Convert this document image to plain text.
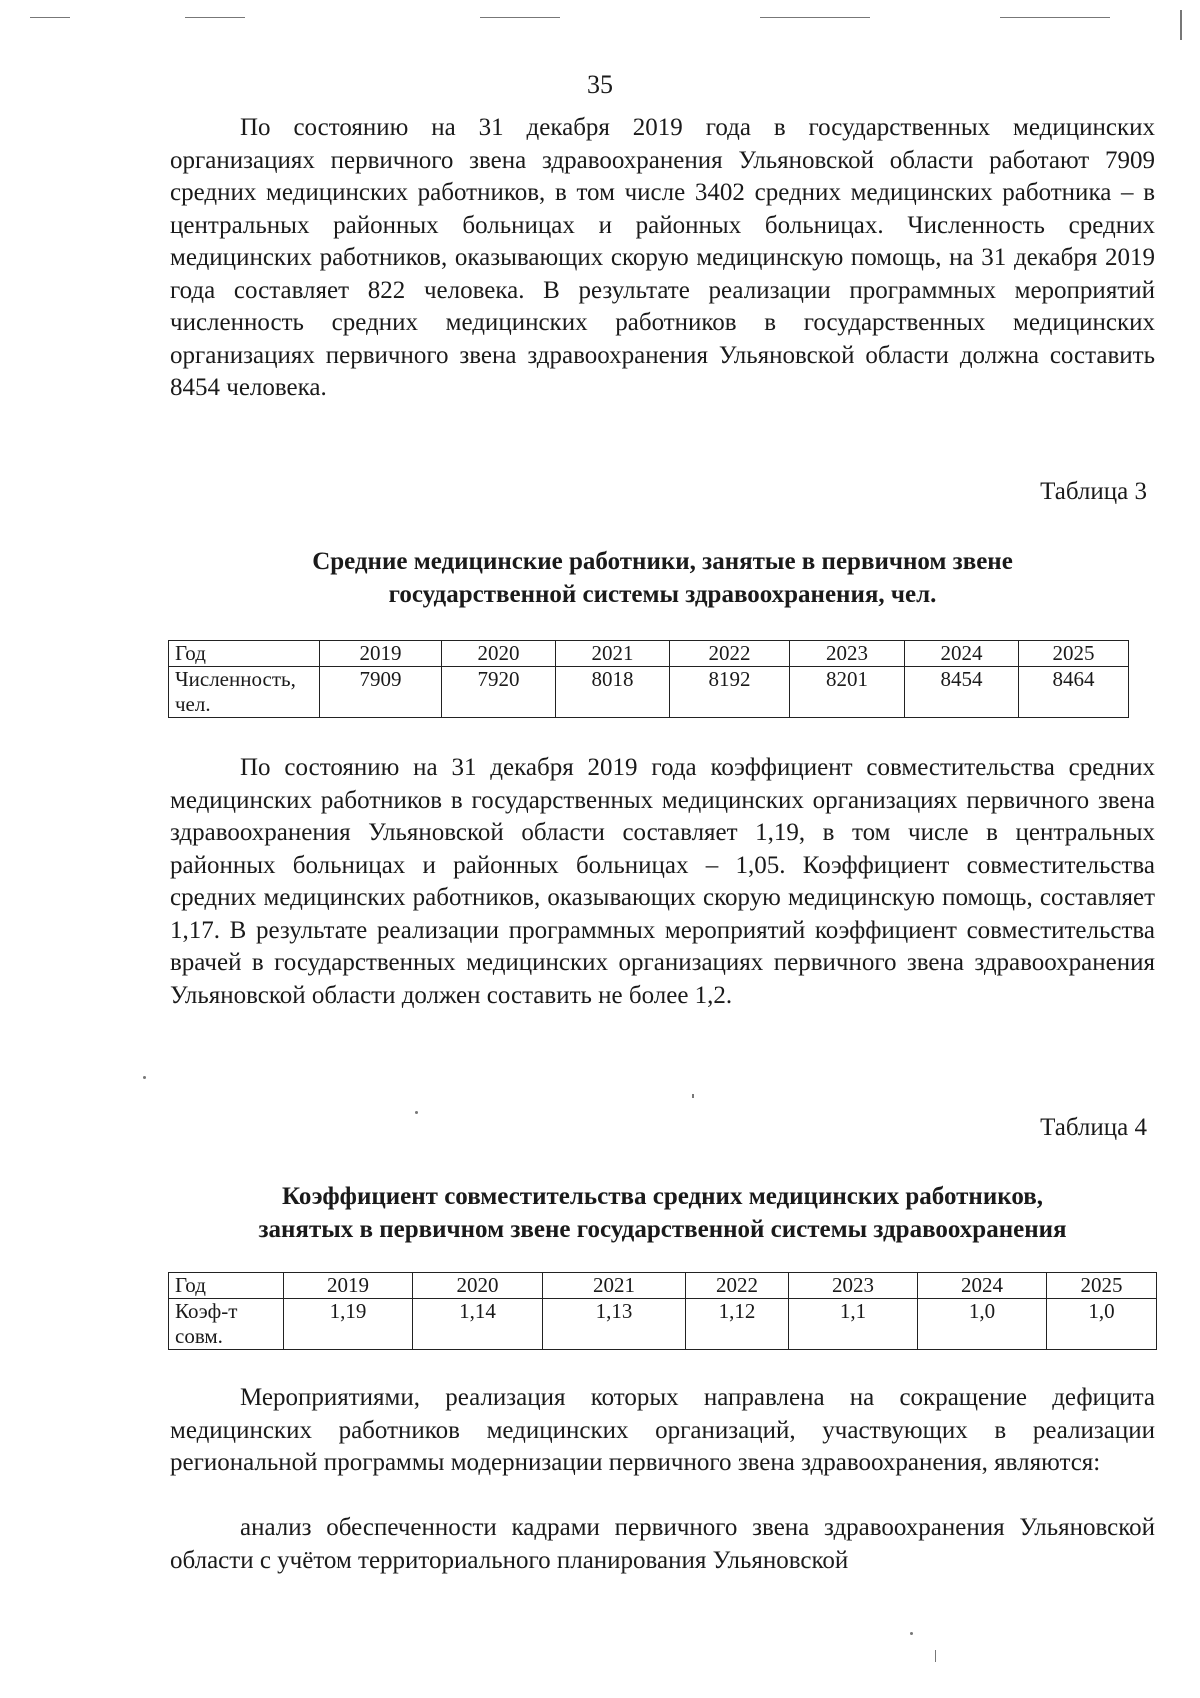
35

По состоянию на 31 декабря 2019 года в государственных медицинских организациях первичного звена здравоохранения Ульяновской области работают 7909 средних медицинских работников, в том числе 3402 средних медицинских работника – в центральных районных больницах и районных больницах. Численность средних медицинских работников, оказывающих скорую медицинскую помощь, на 31 декабря 2019 года составляет 822 человека. В результате реализации программных мероприятий численность средних медицинских работников в государственных медицинских организациях первичного звена здравоохранения Ульяновской области должна составить 8454 человека.

Таблица 3
Средние медицинские работники, занятые в первичном звене
государственной системы здравоохранения, чел.
Год	2019	2020	2021	2022	2023	2024	2025
Численность, чел.	7909	7920	8018	8192	8201	8454	8464

По состоянию на 31 декабря 2019 года коэффициент совместительства средних медицинских работников в государственных медицинских организациях первичного звена здравоохранения Ульяновской области составляет 1,19, в том числе в центральных районных больницах и районных больницах – 1,05. Коэффициент совместительства средних медицинских работников, оказывающих скорую медицинскую помощь, составляет 1,17. В результате реализации программных мероприятий коэффициент совместительства врачей в государственных медицинских организациях первичного звена здравоохранения Ульяновской области должен составить не более 1,2.

Таблица 4
Коэффициент совместительства средних медицинских работников,
занятых в первичном звене государственной системы здравоохранения
Год	2019	2020	2021	2022	2023	2024	2025
Коэф-т совм.	1,19	1,14	1,13	1,12	1,1	1,0	1,0

Мероприятиями, реализация которых направлена на сокращение дефицита медицинских работников медицинских организаций, участвующих в реализации региональной программы модернизации первичного звена здравоохранения, являются:

анализ обеспеченности кадрами первичного звена здравоохранения Ульяновской области с учётом территориального планирования Ульяновской
